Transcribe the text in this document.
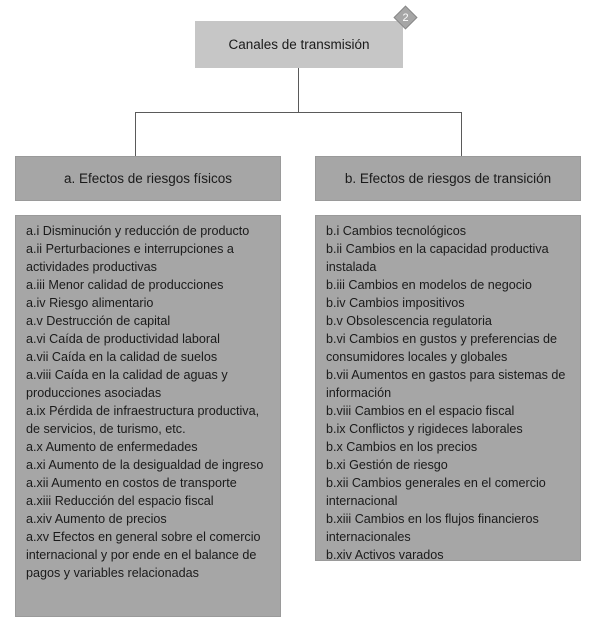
Canales de transmisión
2
a. Efectos de riesgos físicos	b. Efectos de riesgos de transición
a.i Disminución y reducción de producto
a.ii Perturbaciones e interrupciones a actividades productivas
a.iii Menor calidad de producciones
a.iv Riesgo alimentario
a.v Destrucción de capital
a.vi Caída de productividad laboral
a.vii Caída en la calidad de suelos
a.viii Caída en la calidad de aguas y producciones asociadas
a.ix Pérdida de infraestructura productiva, de servicios, de turismo, etc.
a.x Aumento de enfermedades
a.xi Aumento de la desigualdad de ingreso
a.xii Aumento en costos de transporte
a.xiii Reducción del espacio fiscal
a.xiv Aumento de precios
a.xv Efectos en general sobre el comercio internacional y por ende en el balance de pagos y variables relacionadas
b.i Cambios tecnológicos
b.ii Cambios en la capacidad productiva instalada
b.iii Cambios en modelos de negocio
b.iv Cambios impositivos
b.v Obsolescencia regulatoria
b.vi Cambios en gustos y preferencias de consumidores locales y globales
b.vii Aumentos en gastos para sistemas de información
b.viii Cambios en el espacio fiscal
b.ix Conflictos y rigideces laborales
b.x Cambios en los precios
b.xi Gestión de riesgo
b.xii Cambios generales en el comercio internacional
b.xiii Cambios en los flujos financieros internacionales
b.xiv Activos varados
